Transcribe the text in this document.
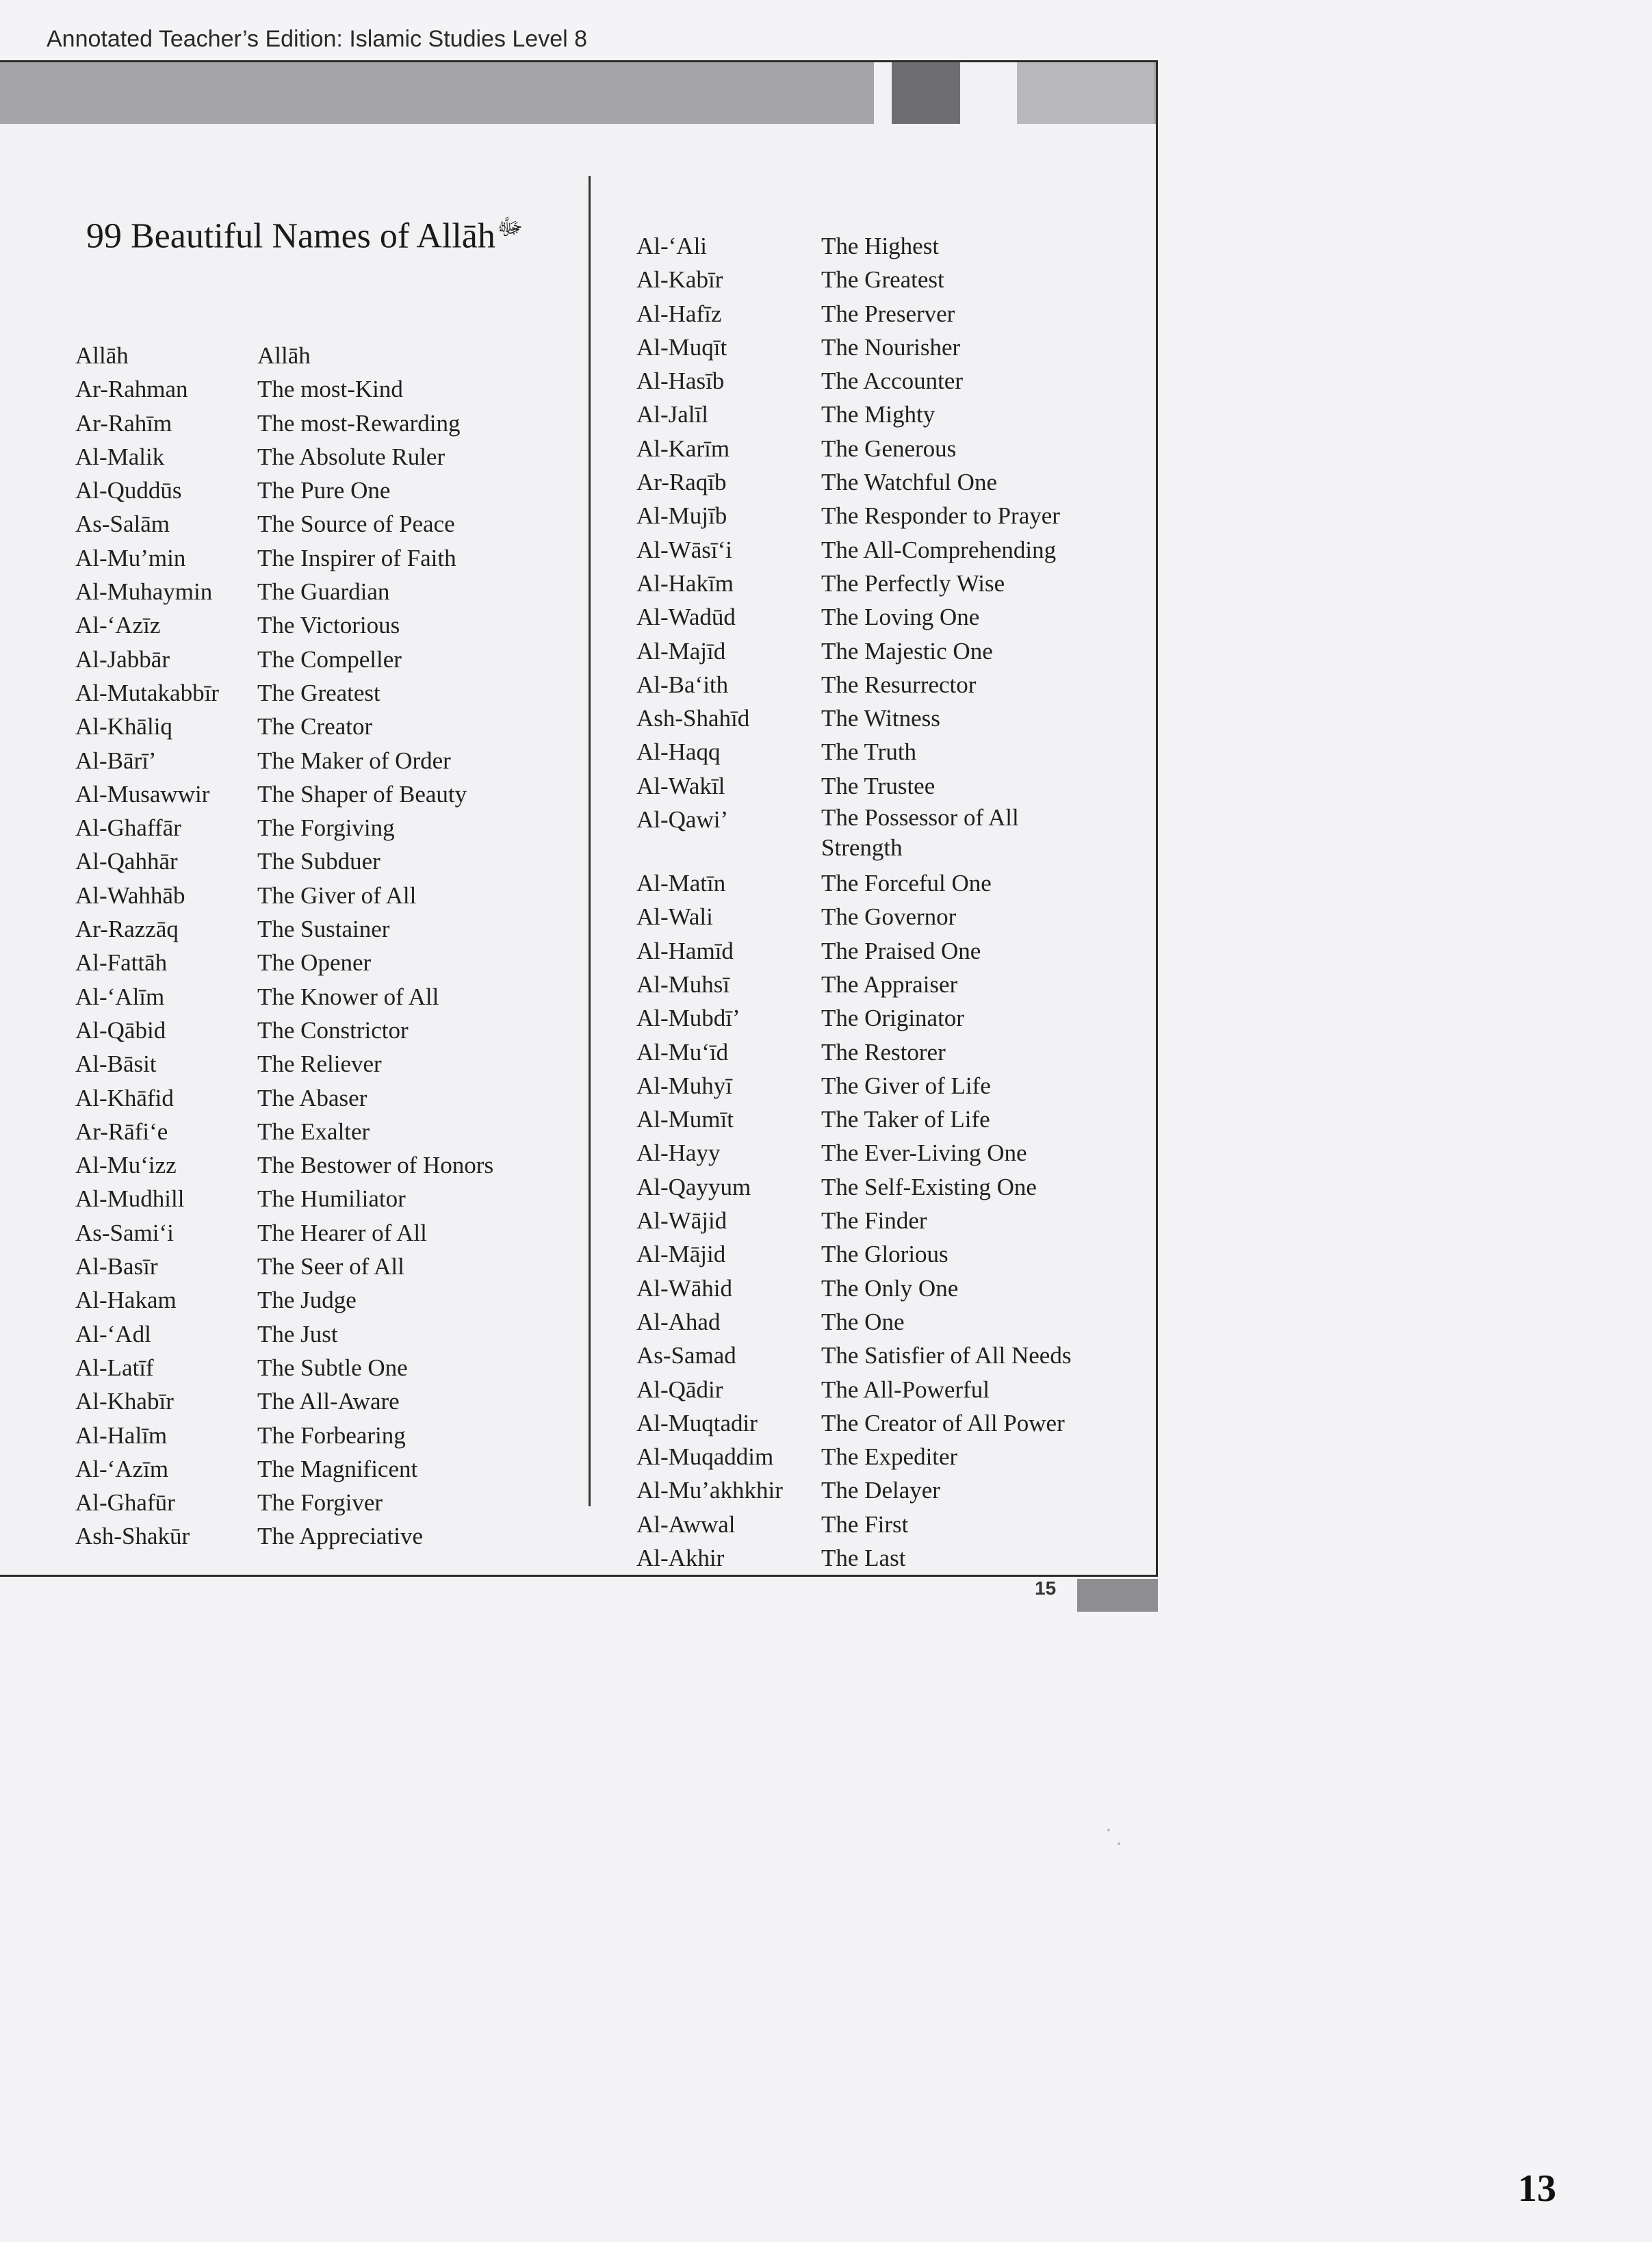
Annotated Teacher’s Edition: Islamic Studies Level 8
99 Beautiful Names of Allāh$^ﷻ$
Allāh	Allāh
Ar-Rahman	The most-Kind
Ar-Rahīm	The most-Rewarding
Al-Malik	The Absolute Ruler
Al-Quddūs	The Pure One
As-Salām	The Source of Peace
Al-Mu’min	The Inspirer of Faith
Al-Muhaymin The Guardian
Al-‘Azīz	The Victorious
Al-Jabbār	The Compeller
Al-Mutakabbīr The Greatest
Al-Khāliq	The Creator
Al-Bārī’	The Maker of Order
Al-Musawwir The Shaper of Beauty
Al-Ghaffār	The Forgiving
Al-Qahhār	The Subduer
Al-Wahhāb	The Giver of All
Ar-Razzāq	The Sustainer
Al-Fattāh	The Opener
Al-‘Alīm	The Knower of All
Al-Qābid	The Constrictor
Al-Bāsit	The Reliever
Al-Khāfid	The Abaser
Ar-Rāfi‘e	The Exalter
Al-Mu‘izz	The Bestower of Honors
Al-Mudhill	The Humiliator
As-Sami‘i	The Hearer of All
Al-Basīr	The Seer of All
Al-Hakam	The Judge
Al-‘Adl	The Just
Al-Latīf	The Subtle One
Al-Khabīr	The All-Aware
Al-Halīm	The Forbearing
Al-‘Azīm	The Magnificent
Al-Ghafūr	The Forgiver
Ash-Shakūr	The Appreciative
Al-‘Ali	The Highest
Al-Kabīr	The Greatest
Al-Hafīz	The Preserver
Al-Muqīt	The Nourisher
Al-Hasīb	The Accounter
Al-Jalīl	The Mighty
Al-Karīm	The Generous
Ar-Raqīb	The Watchful One
Al-Mujīb	The Responder to Prayer
Al-Wāsī‘i	The All-Comprehending
Al-Hakīm	The Perfectly Wise
Al-Wadūd	The Loving One
Al-Majīd	The Majestic One
Al-Ba‘ith	The Resurrector
Ash-Shahīd	The Witness
Al-Haqq	The Truth
Al-Wakīl	The Trustee
Al-Qawi’	The Possessor of All Strength
Al-Matīn	The Forceful One
Al-Wali	The Governor
Al-Hamīd	The Praised One
Al-Muhsī	The Appraiser
Al-Mubdī’	The Originator
Al-Mu‘īd	The Restorer
Al-Muhyī	The Giver of Life
Al-Mumīt	The Taker of Life
Al-Hayy	The Ever-Living One
Al-Qayyum	The Self-Existing One
Al-Wājid	The Finder
Al-Mājid	The Glorious
Al-Wāhid	The Only One
Al-Ahad	The One
As-Samad	The Satisfier of All Needs
Al-Qādir	The All-Powerful
Al-Muqtadir	The Creator of All Power
Al-Muqaddim The Expediter
Al-Mu’akhkhir The Delayer
Al-Awwal	The First
Al-Akhir	The Last
15
13
